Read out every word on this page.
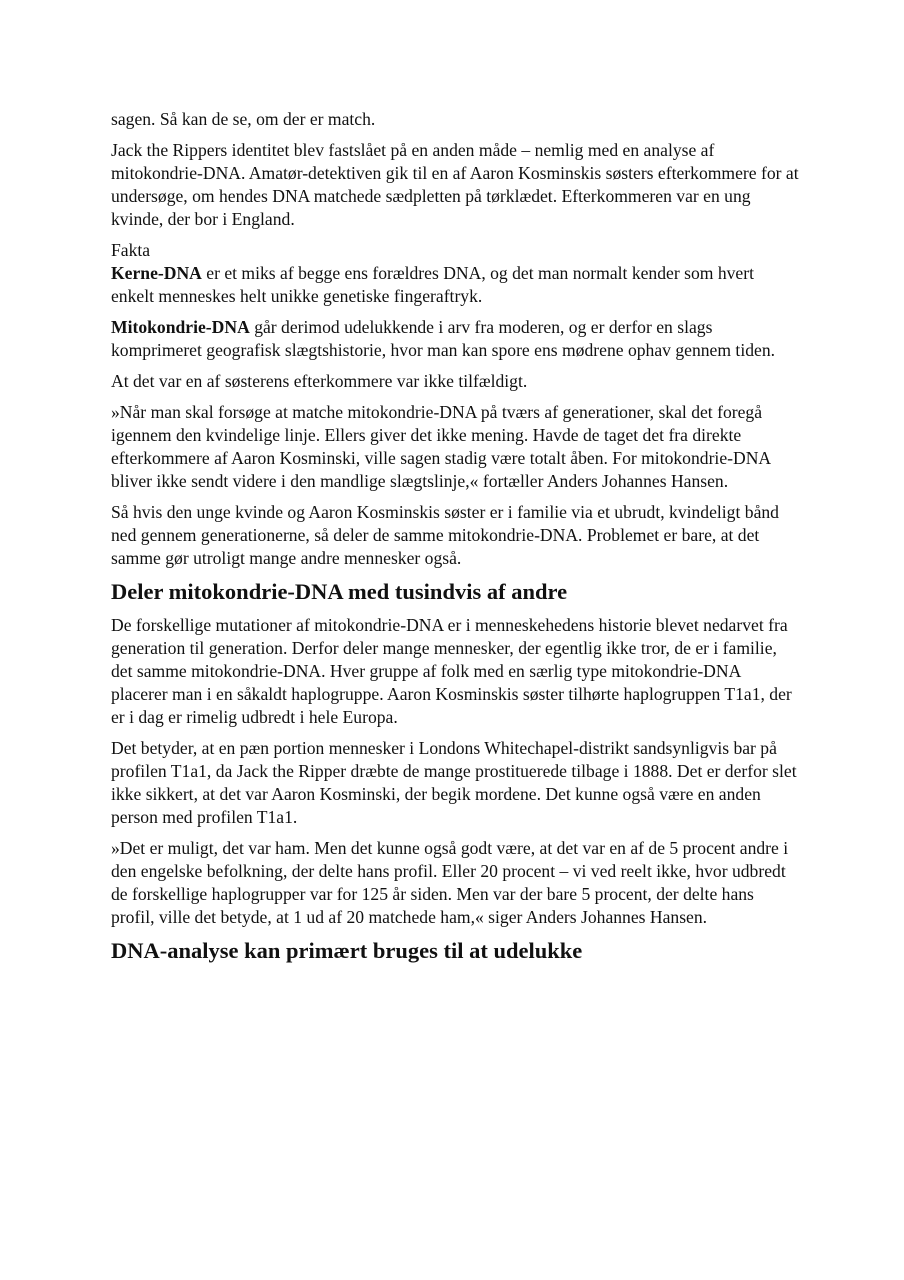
sagen. Så kan de se, om der er match.

Jack the Rippers identitet blev fastslået på en anden måde – nemlig med en analyse af mitokondrie-DNA. Amatør-detektiven gik til en af Aaron Kosminskis søsters efterkommere for at undersøge, om hendes DNA matchede sædpletten på tørklædet. Efterkommeren var en ung kvinde, der bor i England.

Fakta

Kerne-DNA er et miks af begge ens forældres DNA, og det man normalt kender som hvert enkelt menneskes helt unikke genetiske fingeraftryk.

Mitokondrie-DNA går derimod udelukkende i arv fra moderen, og er derfor en slags komprimeret geografisk slægtshistorie, hvor man kan spore ens mødrene ophav gennem tiden.

At det var en af søsterens efterkommere var ikke tilfældigt.

»Når man skal forsøge at matche mitokondrie-DNA på tværs af generationer, skal det foregå igennem den kvindelige linje. Ellers giver det ikke mening. Havde de taget det fra direkte efterkommere af Aaron Kosminski, ville sagen stadig være totalt åben. For mitokondrie-DNA bliver ikke sendt videre i den mandlige slægtslinje,« fortæller Anders Johannes Hansen.

Så hvis den unge kvinde og Aaron Kosminskis søster er i familie via et ubrudt, kvindeligt bånd ned gennem generationerne, så deler de samme mitokondrie-DNA. Problemet er bare, at det samme gør utroligt mange andre mennesker også.

Deler mitokondrie-DNA med tusindvis af andre

De forskellige mutationer af mitokondrie-DNA er i menneskehedens historie blevet nedarvet fra generation til generation. Derfor deler mange mennesker, der egentlig ikke tror, de er i familie, det samme mitokondrie-DNA. Hver gruppe af folk med en særlig type mitokondrie-DNA placerer man i en såkaldt haplogruppe. Aaron Kosminskis søster tilhørte haplogruppen T1a1, der er i dag er rimelig udbredt i hele Europa.

Det betyder, at en pæn portion mennesker i Londons Whitechapel-distrikt sandsynligvis bar på profilen T1a1, da Jack the Ripper dræbte de mange prostituerede tilbage i 1888. Det er derfor slet ikke sikkert, at det var Aaron Kosminski, der begik mordene. Det kunne også være en anden person med profilen T1a1.

»Det er muligt, det var ham. Men det kunne også godt være, at det var en af de 5 procent andre i den engelske befolkning, der delte hans profil. Eller 20 procent – vi ved reelt ikke, hvor udbredt de forskellige haplogrupper var for 125 år siden. Men var der bare 5 procent, der delte hans profil, ville det betyde, at 1 ud af 20 matchede ham,« siger Anders Johannes Hansen.

DNA-analyse kan primært bruges til at udelukke
